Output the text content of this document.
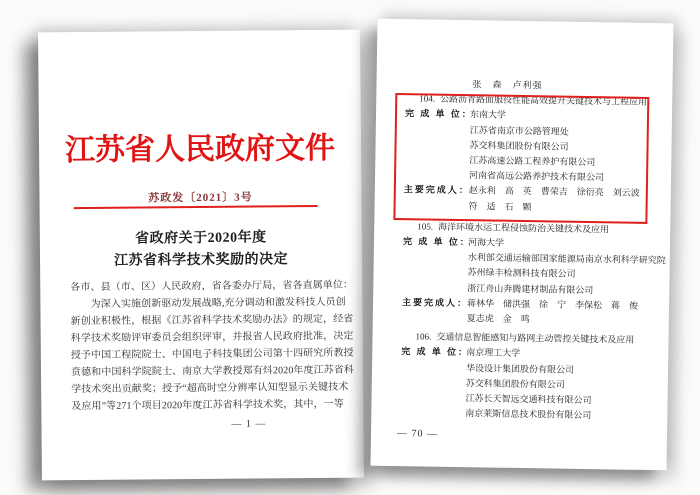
江苏省人民政府文件
苏政发〔2021〕3号
省政府关于2020年度
江苏省科学技术奖励的决定
各市、县（市、区）人民政府，省各委办厅局，省各直属单位：
　　为深入实施创新驱动发展战略,充分调动和激发科技人员创
新创业积极性，根据《江苏省科学技术奖励办法》的规定，经省
科学技术奖励评审委员会组织评审，并报省人民政府批准，决定
授予中国工程院院士、中国电子科技集团公司第十四研究所教授
贲德和中国科学院院士、南京大学教授郑有炓2020年度江苏省科
学技术突出贡献奖；授予“超高时空分辨率认知型显示关键技术
及应用”等271个项目2020年度江苏省科学技术奖，其中，一等
— 1 —
张　森　卢利强
104. 公路沥青路面服役性能高效提升关键技术与工程应用
完 成 单 位：
东南大学
江苏省南京市公路管理处
苏交科集团股份有限公司
江苏高速公路工程养护有限公司
河南省高远公路养护技术有限公司
主要完成人：
赵永利　高　英　曹荣吉　徐衍亮　刘云波
符　适　石　颗
105. 海洋环境水运工程侵蚀防治关键技术及应用
完 成 单 位：
河海大学
水利部交通运输部国家能源局南京水利科学研究院
苏州绿丰检测科技有限公司
浙江舟山奔腾建材制品有限公司
主要完成人：
蒋林华　储洪强　徐　宁　李保松　蒋　俊
夏志虎　金　鸣
106. 交通信息智能感知与路网主动管控关键技术及应用
完 成 单 位：
南京理工大学
华设设计集团股份有限公司
苏交科集团股份有限公司
江苏长天智远交通科技有限公司
南京莱斯信息技术股份有限公司
— 70 —
